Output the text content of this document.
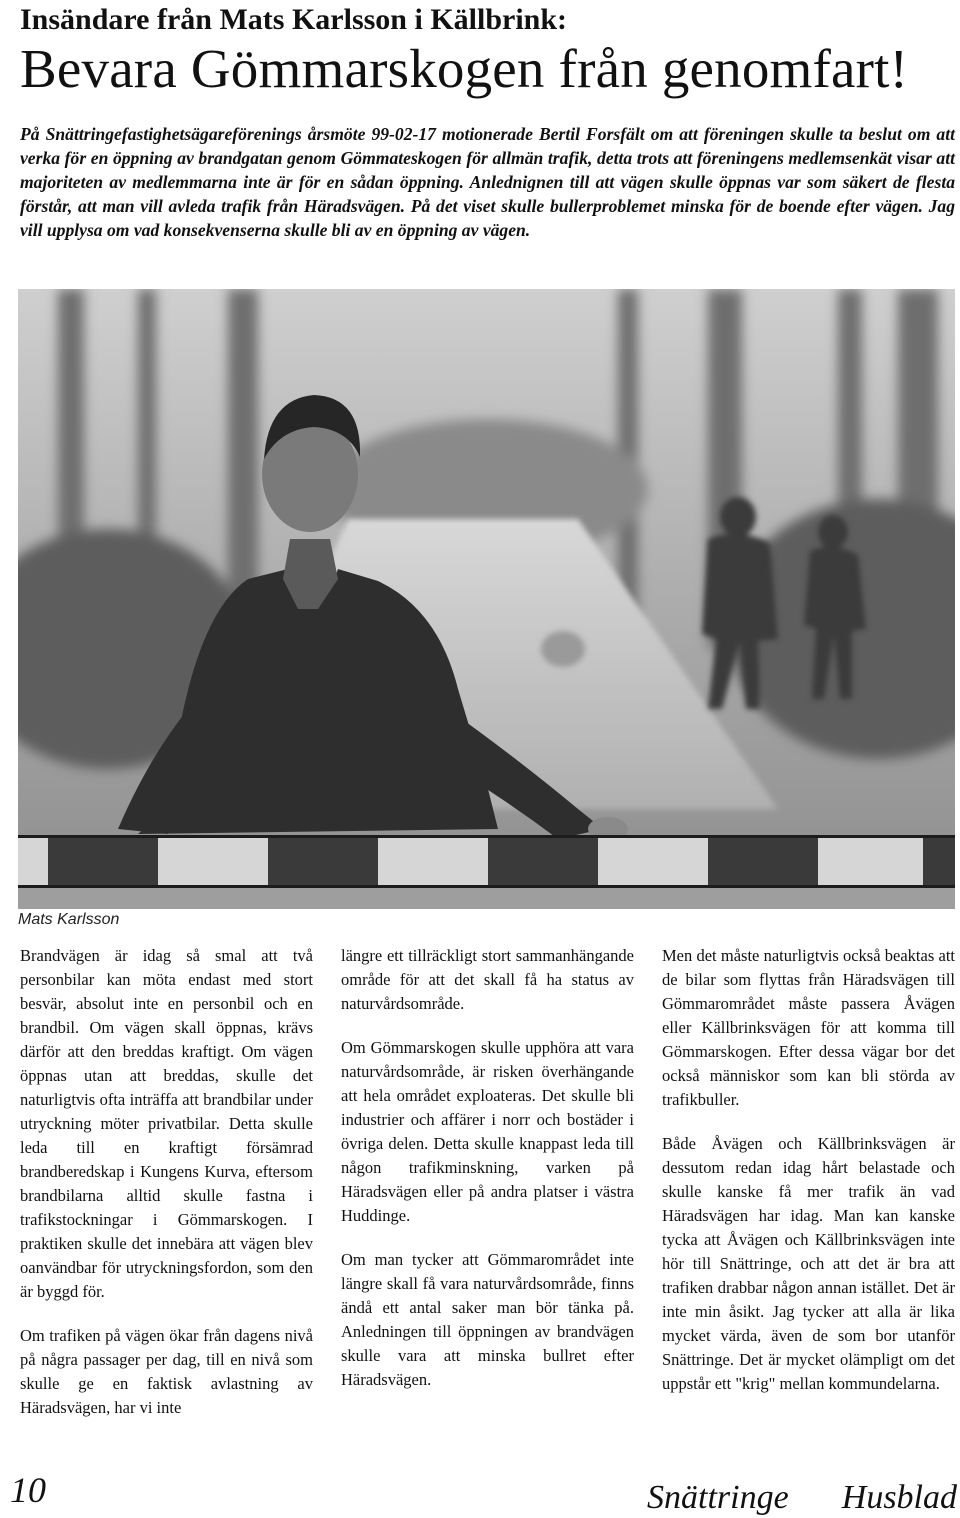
Insändare från Mats Karlsson i Källbrink:
Bevara Gömmarskogen från genomfart!

På Snättringefastighetsägareförenings årsmöte 99-02-17 motionerade Bertil Forsfält om att föreningen skulle ta beslut om att verka för en öppning av brandgatan genom Gömmateskogen för allmän trafik, detta trots att föreningens medlemsenkät visar att majoriteten av medlemmarna inte är för en sådan öppning. Anlednignen till att vägen skulle öppnas var som säkert de flesta förstår, att man vill avleda trafik från Häradsvägen. På det viset skulle bullerproblemet minska för de boende efter vägen. Jag vill upplysa om vad konsekvenserna skulle bli av en öppning av vägen.

Mats Karlsson

Brandvägen är idag så smal att två personbilar kan möta endast med stort besvär, absolut inte en personbil och en brandbil. Om vägen skall öppnas, krävs därför att den breddas kraftigt. Om vägen öppnas utan att breddas, skulle det naturligtvis ofta inträffa att brandbilar under utryckning möter privatbilar. Detta skulle leda till en kraftigt försämrad brandberedskap i Kungens Kurva, eftersom brandbilarna alltid skulle fastna i trafikstockningar i Gömmarskogen. I praktiken skulle det innebära att vägen blev oanvändbar för utryckningsfordon, som den är byggd för.

Om trafiken på vägen ökar från dagens nivå på några passager per dag, till en nivå som skulle ge en faktisk avlastning av Häradsvägen, har vi inte

längre ett tillräckligt stort sammanhängande område för att det skall få ha status av naturvårdsområde.

Om Gömmarskogen skulle upphöra att vara naturvårdsområde, är risken överhängande att hela området exploateras. Det skulle bli industrier och affärer i norr och bostäder i övriga delen. Detta skulle knappast leda till någon trafikminskning, varken på Häradsvägen eller på andra platser i västra Huddinge.

Om man tycker att Gömmarområdet inte längre skall få vara naturvårdsområde, finns ändå ett antal saker man bör tänka på. Anledningen till öppningen av brandvägen skulle vara att minska bullret efter Häradsvägen.

Men det måste naturligtvis också beaktas att de bilar som flyttas från Häradsvägen till Gömmarområdet måste passera Åvägen eller Källbrinksvägen för att komma till Gömmarskogen. Efter dessa vägar bor det också människor som kan bli störda av trafikbuller.

Både Åvägen och Källbrinksvägen är dessutom redan idag hårt belastade och skulle kanske få mer trafik än vad Häradsvägen har idag. Man kan kanske tycka att Åvägen och Källbrinksvägen inte hör till Snättringe, och att det är bra att trafiken drabbar någon annan istället. Det är inte min åsikt. Jag tycker att alla är lika mycket värda, även de som bor utanför Snättringe. Det är mycket olämpligt om det uppstår ett "krig" mellan kommundelarna.

10	Snättringe Husblad
